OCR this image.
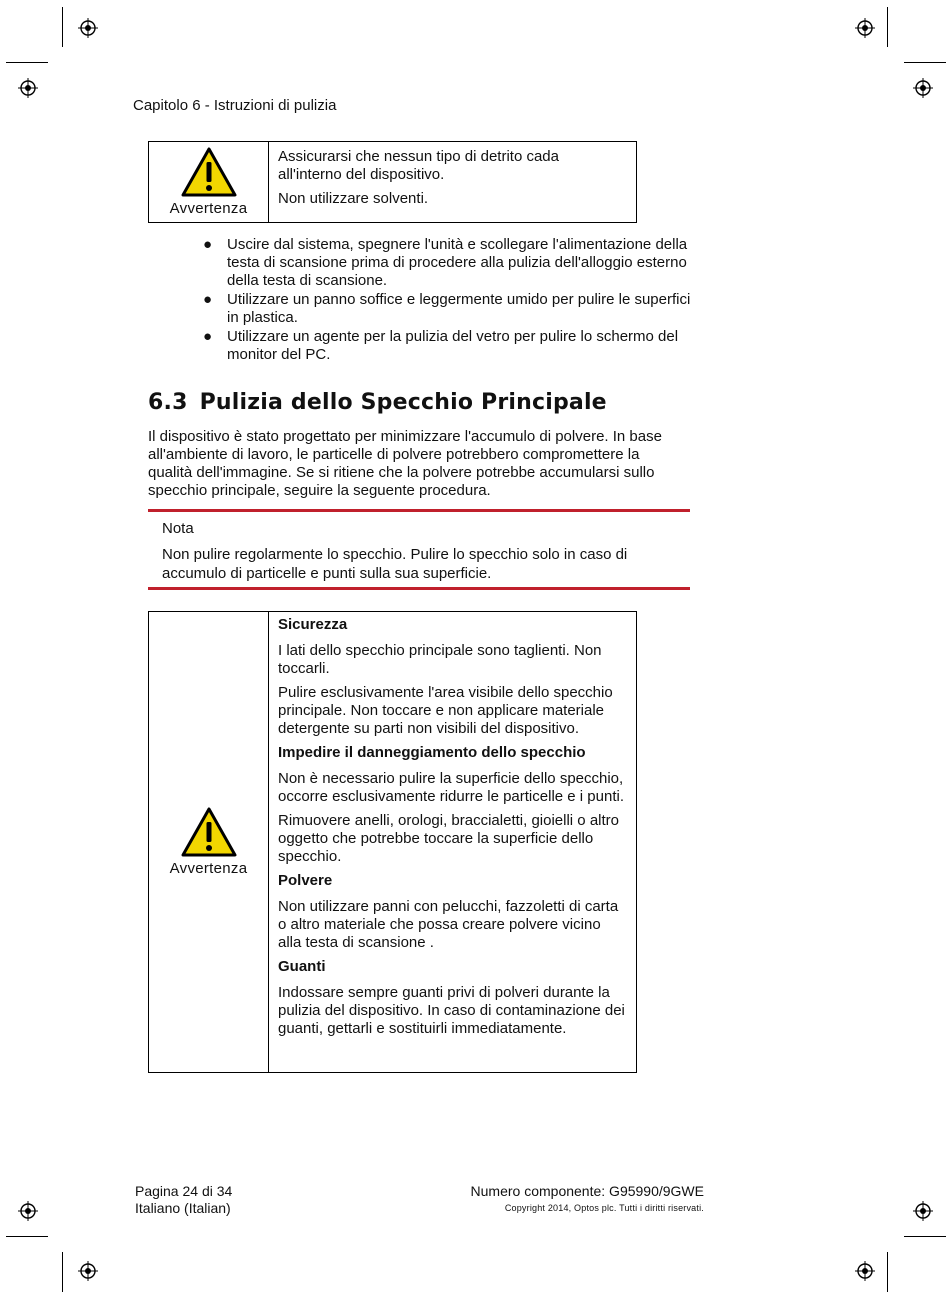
Capitolo 6 - Istruzioni di pulizia
Avvertenza

Assicurarsi che nessun tipo di detrito cada all'interno del dispositivo.

Non utilizzare solventi.

● Uscire dal sistema, spegnere l'unità e scollegare l'alimentazione della testa di scansione prima di procedere alla pulizia dell'alloggio esterno della testa di scansione.
● Utilizzare un panno soffice e leggermente umido per pulire le superfici in plastica.
● Utilizzare un agente per la pulizia del vetro per pulire lo schermo del monitor del PC.
6.3 Pulizia dello Specchio Principale
Il dispositivo è stato progettato per minimizzare l'accumulo di polvere. In base all'ambiente di lavoro, le particelle di polvere potrebbero compromettere la qualità dell'immagine. Se si ritiene che la polvere potrebbe accumularsi sullo specchio principale, seguire la seguente procedura.
Nota
Non pulire regolarmente lo specchio. Pulire lo specchio solo in caso di accumulo di particelle e punti sulla sua superficie.
Avvertenza

Sicurezza

I lati dello specchio principale sono taglienti. Non toccarli.

Pulire esclusivamente l'area visibile dello specchio principale. Non toccare e non applicare materiale detergente su parti non visibili del dispositivo.

Impedire il danneggiamento dello specchio

Non è necessario pulire la superficie dello specchio, occorre esclusivamente ridurre le particelle e i punti.

Rimuovere anelli, orologi, braccialetti, gioielli o altro oggetto che potrebbe toccare la superficie dello specchio.

Polvere

Non utilizzare panni con pelucchi, fazzoletti di carta o altro materiale che possa creare polvere vicino alla testa di scansione .

Guanti

Indossare sempre guanti privi di polveri durante la pulizia del dispositivo. In caso di contaminazione dei guanti, gettarli e sostituirli immediatamente.

Pagina 24 di 34
Italiano (Italian)
Numero componente: G95990/9GWE
Copyright 2014, Optos plc. Tutti i diritti riservati.
